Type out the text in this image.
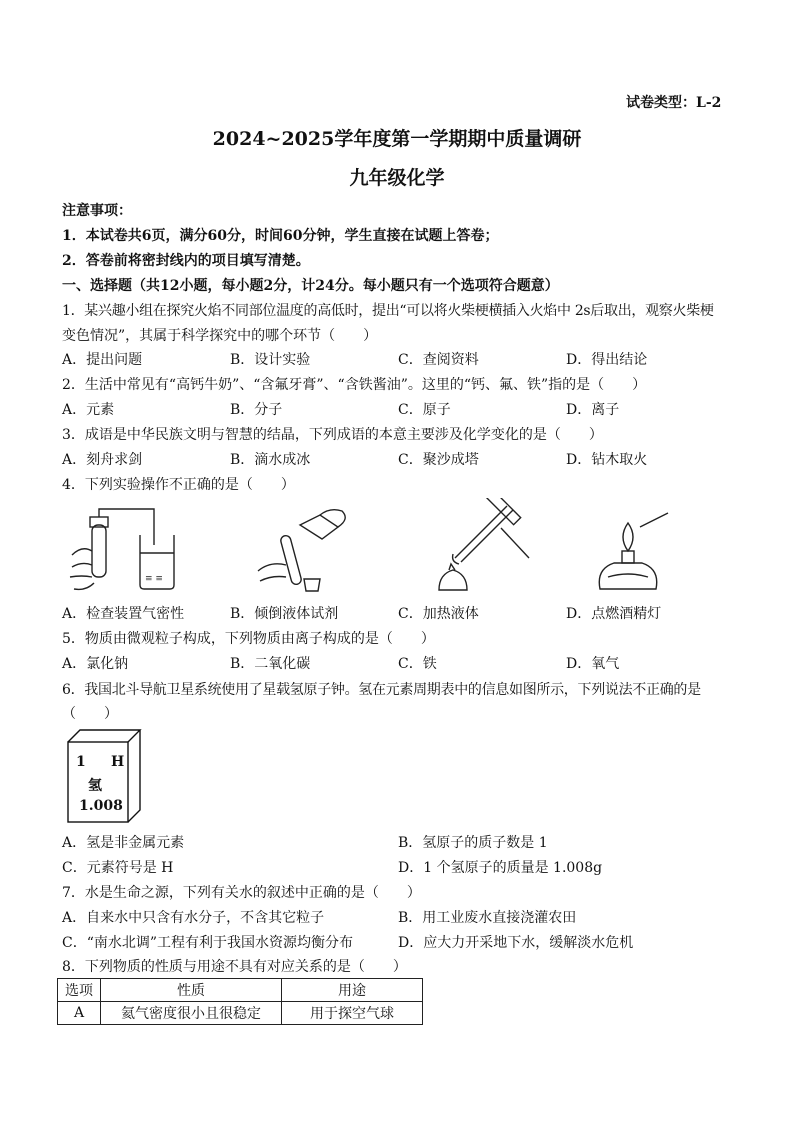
试卷类型：L-2
2024~2025学年度第一学期期中质量调研
九年级化学
注意事项：
1．本试卷共6页，满分60分，时间60分钟，学生直接在试题上答卷；
2．答卷前将密封线内的项目填写清楚。
一、选择题（共12小题，每小题2分，计24分。每小题只有一个选项符合题意）
1．某兴趣小组在探究火焰不同部位温度的高低时，提出“可以将火柴梗横插入火焰中 2s后取出，观察火柴梗
变色情况”，其属于科学探究中的哪个环节（　　）
A．提出问题	B．设计实验	C．查阅资料	D．得出结论
2．生活中常见有“高钙牛奶”、“含氟牙膏”、“含铁酱油”。这里的“钙、氟、铁”指的是（　　）
A．元素	B．分子	C．原子	D．离子
3．成语是中华民族文明与智慧的结晶，下列成语的本意主要涉及化学变化的是（　　）
A．刻舟求剑	B．滴水成冰	C．聚沙成塔	D．钻木取火
4．下列实验操作不正确的是（　　）
≡ ≡
A．检查装置气密性	B．倾倒液体试剂	C．加热液体	D．点燃酒精灯
5．物质由微观粒子构成，下列物质由离子构成的是（　　）
A．氯化钠	B．二氧化碳	C．铁	D．氧气
6．我国北斗导航卫星系统使用了星载氢原子钟。氢在元素周期表中的信息如图所示，下列说法不正确的是
（　　）
1 H
氢
1.008
A．氢是非金属元素	B．氢原子的质子数是 1
C．元素符号是 H	D．1 个氢原子的质量是 1.008g
7．水是生命之源，下列有关水的叙述中正确的是（　　）
A．自来水中只含有水分子，不含其它粒子	B．用工业废水直接浇灌农田
C．“南水北调”工程有利于我国水资源均衡分布	D．应大力开采地下水，缓解淡水危机
8．下列物质的性质与用途不具有对应关系的是（　　）
选项	性质	用途
A	氦气密度很小且很稳定	用于探空气球
